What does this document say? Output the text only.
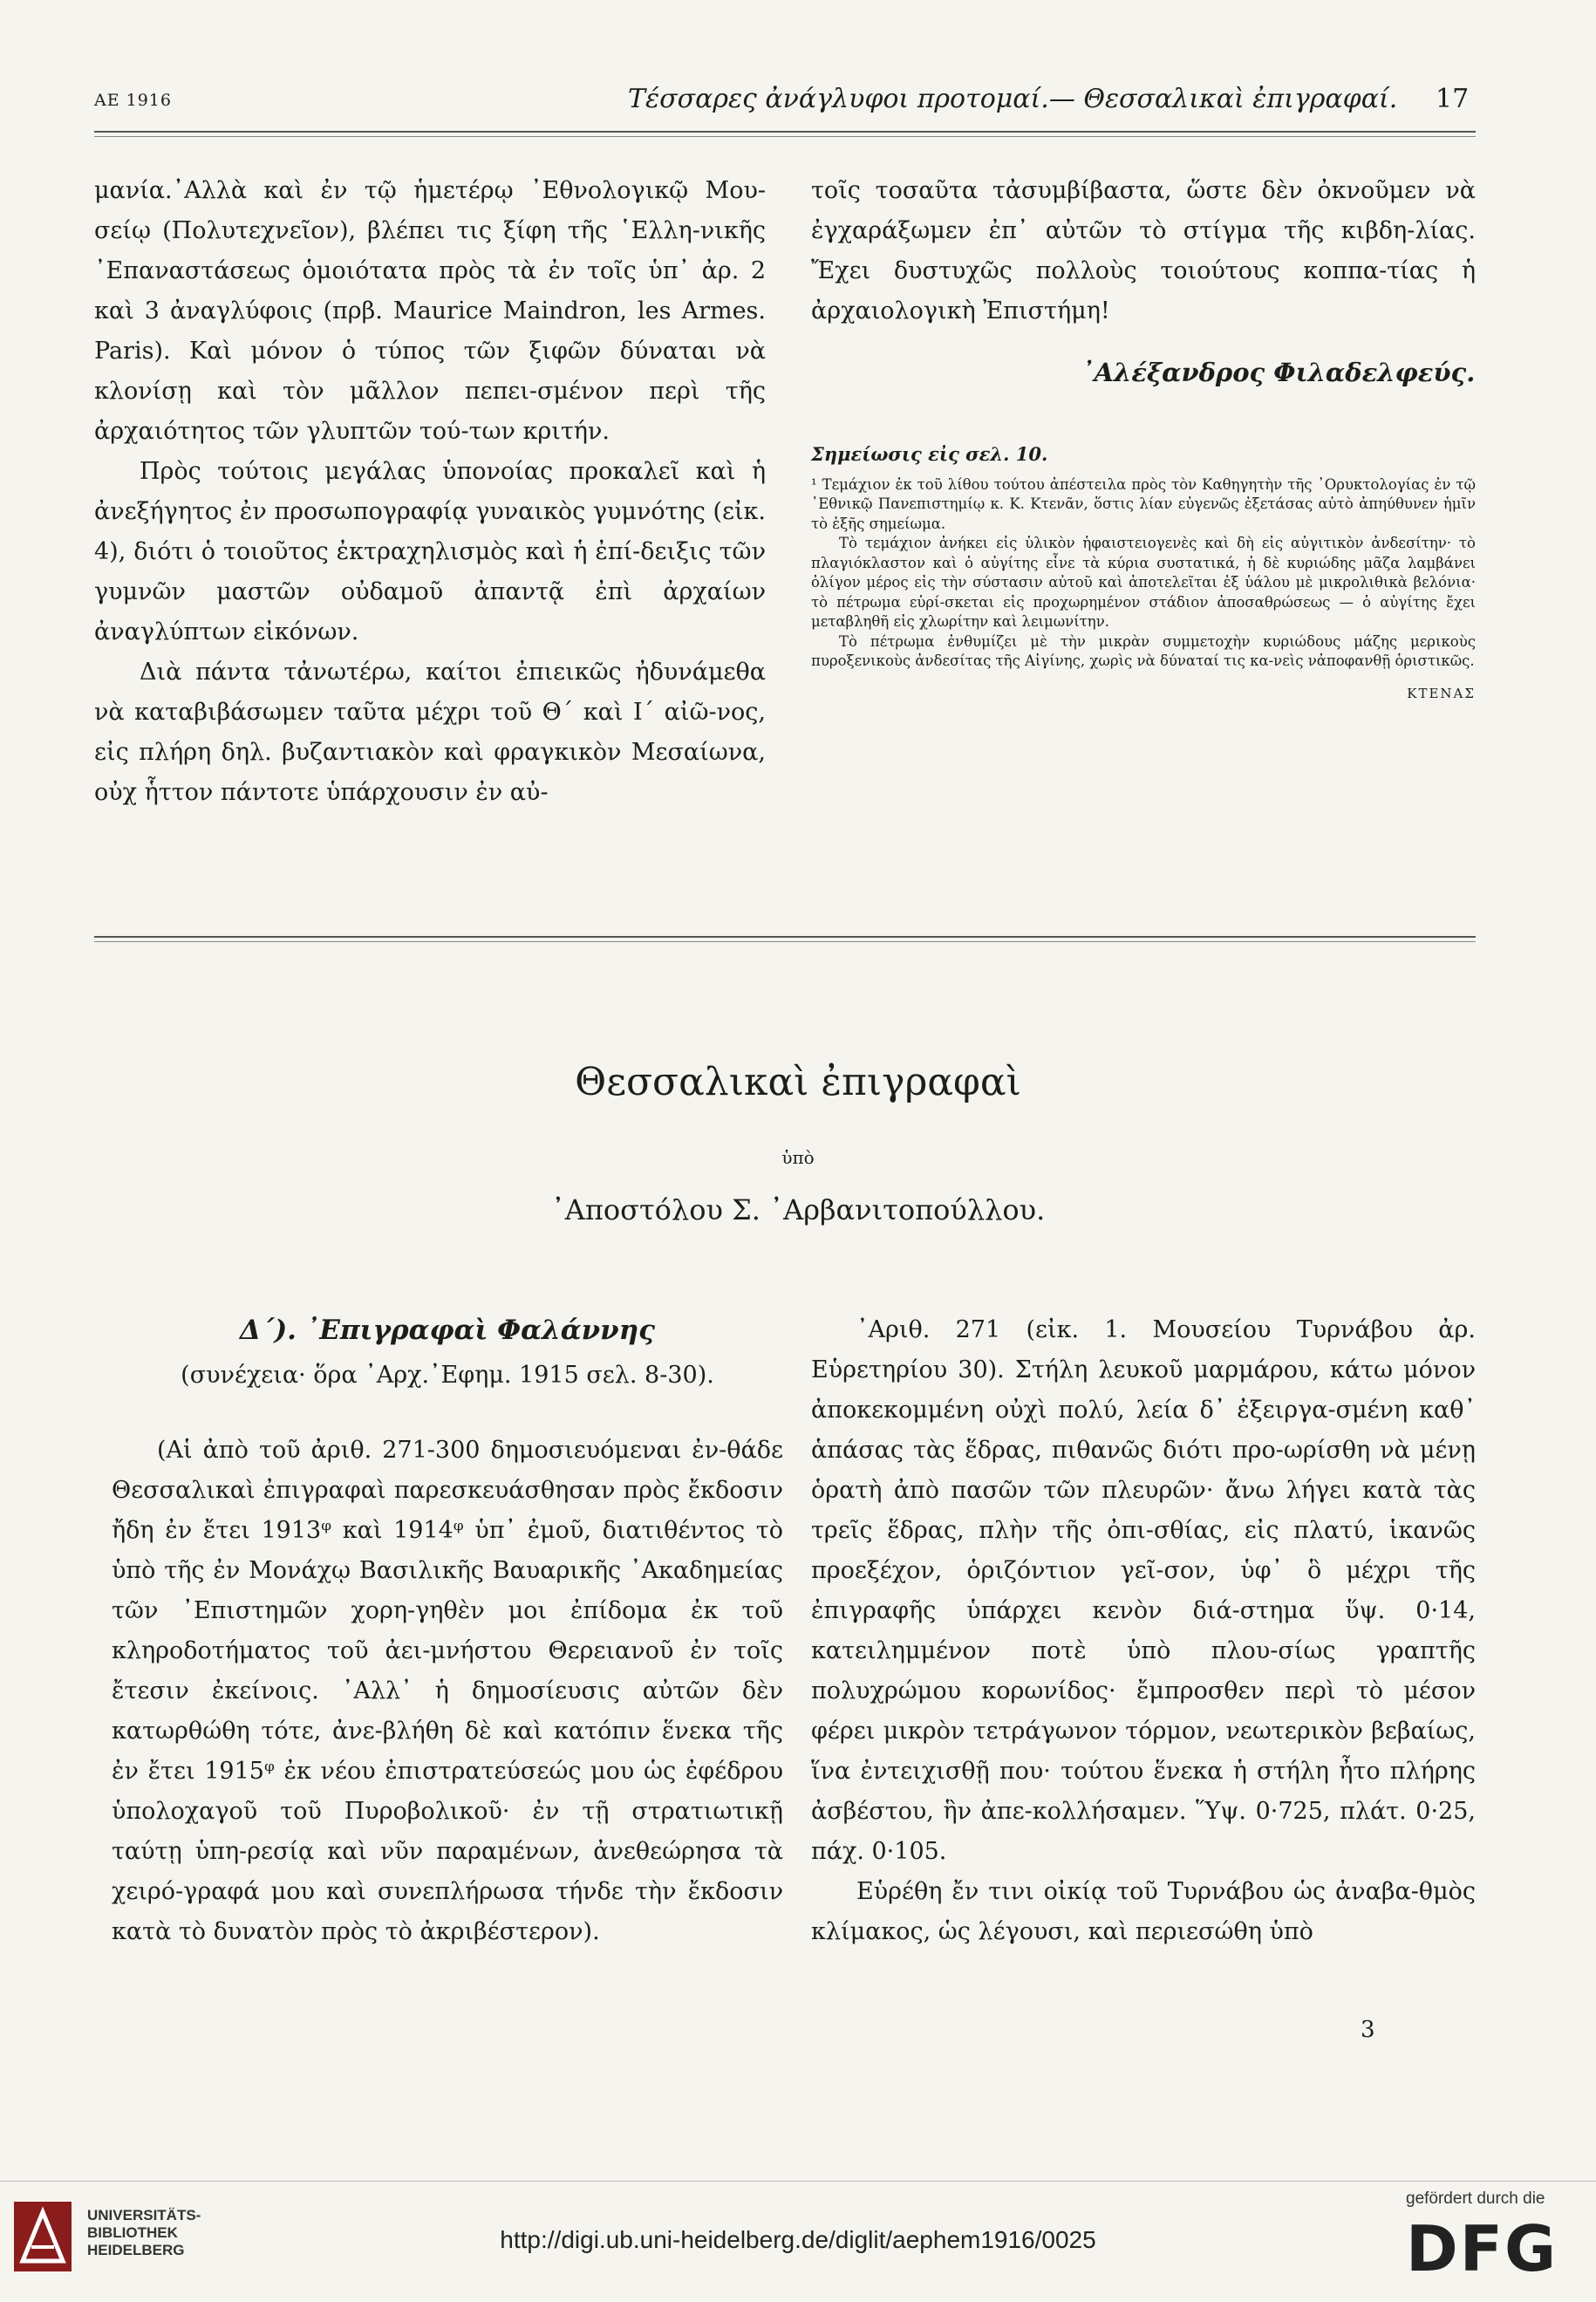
ΑΕ 1916	Τέσσαρες ἀνάγλυφοι προτομαί.— Θεσσαλικαὶ ἐπιγραφαί. 17

μανία.᾿Αλλὰ καὶ ἐν τῷ ἡμετέρῳ ᾿Εθνολογικῷ Μου-σείῳ (Πολυτεχνεῖον), βλέπει τις ξίφη τῆς ῾Ελλη-νικῆς ᾿Επαναστάσεως ὁμοιότατα πρὸς τὰ ἐν τοῖς ὑπ᾿ ἀρ. 2 καὶ 3 ἀναγλύφοις (πρβ. Maurice Maindron, les Armes. Paris). Καὶ μόνον ὁ τύπος τῶν ξιφῶν δύναται νὰ κλονίσῃ καὶ τὸν μᾶλλον πεπει-σμένον περὶ τῆς ἀρχαιότητος τῶν γλυπτῶν τού-των κριτήν.

Πρὸς τούτοις μεγάλας ὑπονοίας προκαλεῖ καὶ ἡ ἀνεξήγητος ἐν προσωπογραφίᾳ γυναικὸς γυμνότης (εἰκ. 4), διότι ὁ τοιοῦτος ἐκτραχηλισμὸς καὶ ἡ ἐπί-δειξις τῶν γυμνῶν μαστῶν οὐδαμοῦ ἀπαντᾷ ἐπὶ ἀρχαίων ἀναγλύπτων εἰκόνων.

Διὰ πάντα τἀνωτέρω, καίτοι ἐπιεικῶς ἠδυνάμεθα νὰ καταβιβάσωμεν ταῦτα μέχρι τοῦ Θ΄ καὶ Ι΄ αἰῶ-νος, εἰς πλήρη δηλ. βυζαντιακὸν καὶ φραγκικὸν Μεσαίωνα, οὐχ ἧττον πάντοτε ὑπάρχουσιν ἐν αὐ-

τοῖς τοσαῦτα τἀσυμβίβαστα, ὥστε δὲν ὀκνοῦμεν νὰ ἐγχαράξωμεν ἐπ᾿ αὐτῶν τὸ στίγμα τῆς κιβδη-λίας. Ἔχει δυστυχῶς πολλοὺς τοιούτους κοππα-τίας ἡ ἀρχαιολογικὴ Ἐπιστήμη!

᾿Αλέξανδρος Φιλαδελφεύς.
Σημείωσις εἰς σελ. 10.

¹ Τεμάχιον ἐκ τοῦ λίθου τούτου ἀπέστειλα πρὸς τὸν Καθηγητὴν τῆς ᾿Ορυκτολογίας ἐν τῷ ᾿Εθνικῷ Πανεπιστημίῳ κ. Κ. Κτενᾶν, ὅστις λίαν εὐγενῶς ἐξετάσας αὐτὸ ἀπηύθυνεν ἡμῖν τὸ ἑξῆς σημείωμα.

Τὸ τεμάχιον ἀνήκει εἰς ὑλικὸν ἡφαιστειογενὲς καὶ δὴ εἰς αὐγιτικὸν ἀνδεσίτην· τὸ πλαγιόκλαστον καὶ ὁ αὐγίτης εἶνε τὰ κύρια συστατικά, ἡ δὲ κυριώδης μᾶζα λαμβάνει ὀλίγον μέρος εἰς τὴν σύστασιν αὐτοῦ καὶ ἀποτελεῖται ἐξ ὑάλου μὲ μικρολιθικὰ βελόνια· τὸ πέτρωμα εὑρί-σκεται εἰς προχωρημένον στάδιον ἀποσαθρώσεως — ὁ αὐγίτης ἔχει μεταβληθῆ εἰς χλωρίτην καὶ λειμωνίτην.

Τὸ πέτρωμα ἐνθυμίζει μὲ τὴν μικρὰν συμμετοχὴν κυριώδους μάζης μερικοὺς πυροξενικοὺς ἀνδεσίτας τῆς Αἰγίνης, χωρὶς νὰ δύναταί τις κα-νεὶς νἀποφανθῇ ὁριστικῶς.

ΚΤΕΝΑΣ
Θεσσαλικαὶ ἐπιγραφαὶ
ὑπὸ
᾿Αποστόλου Σ. ᾿Αρβανιτοπούλλου.

Δ΄). ᾿Επιγραφαὶ Φαλάννης

(συνέχεια· ὅρα ᾿Αρχ.᾿Εφημ. 1915 σελ. 8-30).

(Αἱ ἀπὸ τοῦ ἀριθ. 271-300 δημοσιευόμεναι ἐν-θάδε Θεσσαλικαὶ ἐπιγραφαὶ παρεσκευάσθησαν πρὸς ἔκδοσιν ἤδη ἐν ἔτει 1913ᵠ καὶ 1914ᵠ ὑπ᾿ ἐμοῦ, διατιθέντος τὸ ὑπὸ τῆς ἐν Μονάχῳ Βασιλικῆς Βαυαρικῆς ᾿Ακαδημείας τῶν ᾿Επιστημῶν χορη-γηθὲν μοι ἐπίδομα ἐκ τοῦ κληροδοτήματος τοῦ ἀει-μνήστου Θερειανοῦ ἐν τοῖς ἔτεσιν ἐκείνοις. ᾿Αλλ᾿ ἡ δημοσίευσις αὐτῶν δὲν κατωρθώθη τότε, ἀνε-βλήθη δὲ καὶ κατόπιν ἕνεκα τῆς ἐν ἔτει 1915ᵠ ἐκ νέου ἐπιστρατεύσεώς μου ὡς ἐφέδρου ὑπολοχαγοῦ τοῦ Πυροβολικοῦ· ἐν τῇ στρατιωτικῇ ταύτῃ ὑπη-ρεσίᾳ καὶ νῦν παραμένων, ἀνεθεώρησα τὰ χειρό-γραφά μου καὶ συνεπλήρωσα τήνδε τὴν ἔκδοσιν κατὰ τὸ δυνατὸν πρὸς τὸ ἀκριβέστερον).

᾿Αριθ. 271 (εἰκ. 1. Μουσείου Τυρνάβου ἀρ. Εὑρετηρίου 30). Στήλη λευκοῦ μαρμάρου, κάτω μόνον ἀποκεκομμένη οὐχὶ πολύ, λεία δ᾿ ἐξειργα-σμένη καθ᾿ ἁπάσας τὰς ἕδρας, πιθανῶς διότι προ-ωρίσθη νὰ μένῃ ὁρατὴ ἀπὸ πασῶν τῶν πλευρῶν· ἄνω λήγει κατὰ τὰς τρεῖς ἕδρας, πλὴν τῆς ὀπι-σθίας, εἰς πλατύ, ἱκανῶς προεξέχον, ὁριζόντιον γεῖ-σον, ὑφ᾿ ὃ μέχρι τῆς ἐπιγραφῆς ὑπάρχει κενὸν διά-στημα ὕψ. 0·14, κατειλημμένον ποτὲ ὑπὸ πλου-σίως γραπτῆς πολυχρώμου κορωνίδος· ἔμπροσθεν περὶ τὸ μέσον φέρει μικρὸν τετράγωνον τόρμον, νεωτερικὸν βεβαίως, ἵνα ἐντειχισθῇ που· τούτου ἕνεκα ἡ στήλη ἦτο πλήρης ἀσβέστου, ἣν ἀπε-κολλήσαμεν. Ὕψ. 0·725, πλάτ. 0·25, πάχ. 0·105.

Εὑρέθη ἔν τινι οἰκίᾳ τοῦ Τυρνάβου ὡς ἀναβα-θμὸς κλίμακος, ὡς λέγουσι, καὶ περιεσώθη ὑπὸ

3
UNIVERSITÄTS-
BIBLIOTHEK
HEIDELBERG	http://digi.ub.uni-heidelberg.de/diglit/aephem1916/0025
gefördert durch die
DFG
